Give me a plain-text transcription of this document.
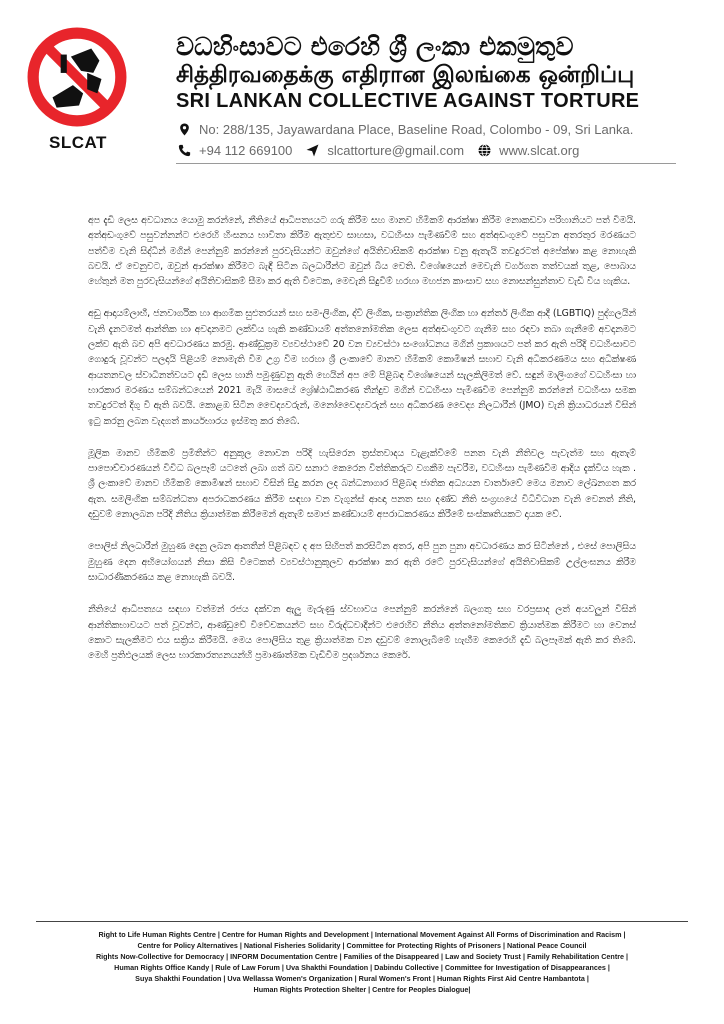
SLCAT
වධහිංසාවට එරෙහි ශ්‍රී ලංකා එකමුතුව
சித்திரவதைக்கு எதிரான இலங்கை ஒன்றிப்பு
SRI LANKAN COLLECTIVE AGAINST TORTURE
No: 288/135, Jayawardana Place, Baseline Road, Colombo - 09, Sri Lanka.
+94 112 669100	slcattorture@gmail.com	www.slcat.org

අප දැඩි ලෙස අවධානය යොමු කරන්නේ, නීතියේ ආධිපත්‍යයට ගරු කිරීම සහ මානව හිමිකම් ආරක්ෂා කිරීම නොකඩවා පරිහානියට පත් වීමයි. අත්අඩංගුවේ පසුවන්නන්ට එරෙහි හිංසනය භාවිතා කිරීම ඇතුළුව සාහසා, වධහිංසා පැමිණවීම් සහ අත්අඩංගුවේ පසුවන අතරතුර මරණයට පත්වීම වැනි සිද්ධීන් මගින් පෙන්නුම් කරන්නේ පුරවැසියන්ට ඔවුන්ගේ අයිතිවාසිකම් ආරක්ෂා වනු ඇතැයි තවදුරටත් අපේක්ෂා කළ නොහැකි බවයි. ඒ වෙනුවට, ඔවුන් ආරක්ෂා කිරීමට බැඳී සිටින බලධාරීන්ට ඔවුන් බිය වෙති. විශේෂයෙන් මෙවැනි වර්ගගත තත්වයක් තුළ, පොබාය හේතුන් මත පුරවැසියන්ගේ අයිතිවාසිකම් සීමා කර ඇති විටෙක, මෙවැනි සිදුවීම් හරහා මහජන කාංසාව සහ නොසන්සුන්තාව වැඩි විය හැකිය.

අඩු ආදායම්ලාභී, ජනවාර්ගික හා ආගමික සුළුතරයන් සහ සම-ලිංගික, ද්වි ලිංගික, සංක්‍රාන්තික ලිංගික හා අන්තර් ලිංගික ආදී (LGBTIQ) පුද්ගලයින් වැනි දැනටමත් ආන්තික හා අවදානමට ලක්විය හැකි කණ්ඩායම් අත්තනෝමතික ලෙස අත්අඩංගුවට ගැනීම සහ රඳවා තබා ගැනීමේ අවදානමට ලක්ව ඇති බව අපි අවධාරණය කරමු. ආණ්ඩුක්‍රම ව්‍යවස්ථාවේ 20 වන ව්‍යවස්ථා සංශෝධනය මගින් ප්‍රකාශයට පත් කර ඇති පරිදි වධහිංසාවට ගොදුරු වූවන්ට පලදායි පිළියම් නොමැති වීම උග්‍ර වීම හරහා ශ්‍රී ලංකාවේ මානව හිමිකම් කොමිෂන් සභාව වැනි අධිකරණමය සහ අධීක්ෂණ ආයතනවල ස්වාධීනත්වයට දැඩි ලෙස හානි පමුණුවනු ඇති හෙයින් අප මේ පිළිබඳ විශේෂයෙන් සැලකිලිමත් වේ. සඳුන් මාලිංගගේ වධහිංසා හා භාරකාර මරණය සම්බන්ධයෙන් 2021 මැයි මාසයේ ශ්‍රේෂ්ඨාධිකරණ තීන්දුව මගින් වධහිංසා පැමිණවීම පෙන්නුම් කරන්නේ වධහිංසා සමක තවදුරටත් දිගු වී ඇති බවයි. කොළඹ සිටින වෛද්‍යවරුන්, මනෝවෛද්‍යවරුන් සහ අධිකරණ වෛද්‍ය නිලධාරීන් (JMO) වැනි ක්‍රියාධරයන් විසින් ඉටු කරනු ලබන වැදගත් කාර්යභාරය ඉස්මතු කර තිබේ.

මූලික මානව හිමිකම් ප්‍රමිතීන්ට අනුකූල නොවන පරිදි හැසිරෙන ත්‍රස්තවාදය වැළැක්වීමේ පනත වැනි නීතිවල පැවැත්ම සහ ඇතැම් පාපොච්චාරණයන් විවිධ බලපෑම් යටතේ ලබා ගත් බව සනාථ කෙරෙන විත්තිකරුට වගකීම පැවරීම, වධහිංසා පැමිණවීම ආදිය දැක්විය හැක . ශ්‍රී ලංකාවේ මානව හිමිකම් කොමිෂන් සභාව විසින් සිදු කරන ලද බන්ධනාගාර පිළිබඳ ජාතික අධ්‍යයන වාර්තාවේ මෙය මනාව ලේඛනගත කර ඇත. සමලිංගික සම්බන්ධතා අපරාධකරණය කිරීම සඳහා වන වැගුන්ස් ආඥා පනත සහ දණ්ඩ නීති සංග්‍රහයේ විධිවිධාන වැනි වෙනත් නීති, දඩුවම් නොලබන පරිදි නීතිය ක්‍රියාත්මක කිරීමෙන් ඇතැම් සමාජ කණ්ඩායම් අපරාධකරණය කිරීමේ සංස්කෘතියකට දායක වේ.

පොලිස් නිලධාරීන් මුහුණ දෙනු ලබන ආතතීන් පිළිබඳව ද අප සිහිපත් කරසිටින අතර, අපි පුන පුනා අවධාරණය කර සිටින්නේ , එසේ පොලිසිය මුහුණ දෙන අභියෝගයන් නිසා කිසි විටෙකත් ව්‍යවස්ථානුකූලව ආරක්ෂා කර ඇති රටේ පුරවැසියන්ගේ අයිතිවාසිකම් උල්ලංඝනය කිරීම සාධාරණීකරණය කළ නොහැකි බවයි.

නීතියේ ආධිපත්‍යය සඳහා වත්මන් රජය දක්වන ඇලු මැරුණු ස්වභාවය පෙන්නුම් කරන්නේ බලගතු සහ වරප්‍රසාද ලත් අයවලුන් විසින් ආන්තිකභාවයට පත් වූවන්ට, ආණ්ඩුවේ විවේචකයන්ට සහ විරුද්ධවාදීන්ට එරෙහිව නීතිය අත්තනෝමතිකව ක්‍රියාත්මක කිරීමට හා වෙනස් කොට සැලකීමට එය සක්‍රිය කිරීමයි. මෙය පොලිසිය තුළ ක්‍රියාත්මක වන දඩුවම් නොලැබීමේ හැඟීම කෙරෙහි දැඩි බලපෑමක් ඇති කර තිබේ. මෙහි ප්‍රතිඵලයක් ලෙස භාරකාරත්‍යනයන්හි ප්‍රමාණාත්මක වැඩිවීම ප්‍රදර්ශනය කෙරේ.

Right to Life Human Rights Centre | Centre for Human Rights and Development | International Movement Against All Forms of Discrimination and Racism |
Centre for Policy Alternatives | National Fisheries Solidarity | Committee for Protecting Rights of Prisoners | National Peace Council
Rights Now-Collective for Democracy | INFORM Documentation Centre | Families of the Disappeared | Law and Society Trust | Family Rehabilitation Centre |
Human Rights Office Kandy | Rule of Law Forum | Uva Shakthi Foundation | Dabindu Collective | Committee for Investigation of Disappearances |
Suya Shakthi Foundation | Uva Wellassa Women's Organization | Rural Women's Front | Human Rights First Aid Centre Hambantota |
Human Rights Protection Shelter | Centre for Peoples Dialogue|
